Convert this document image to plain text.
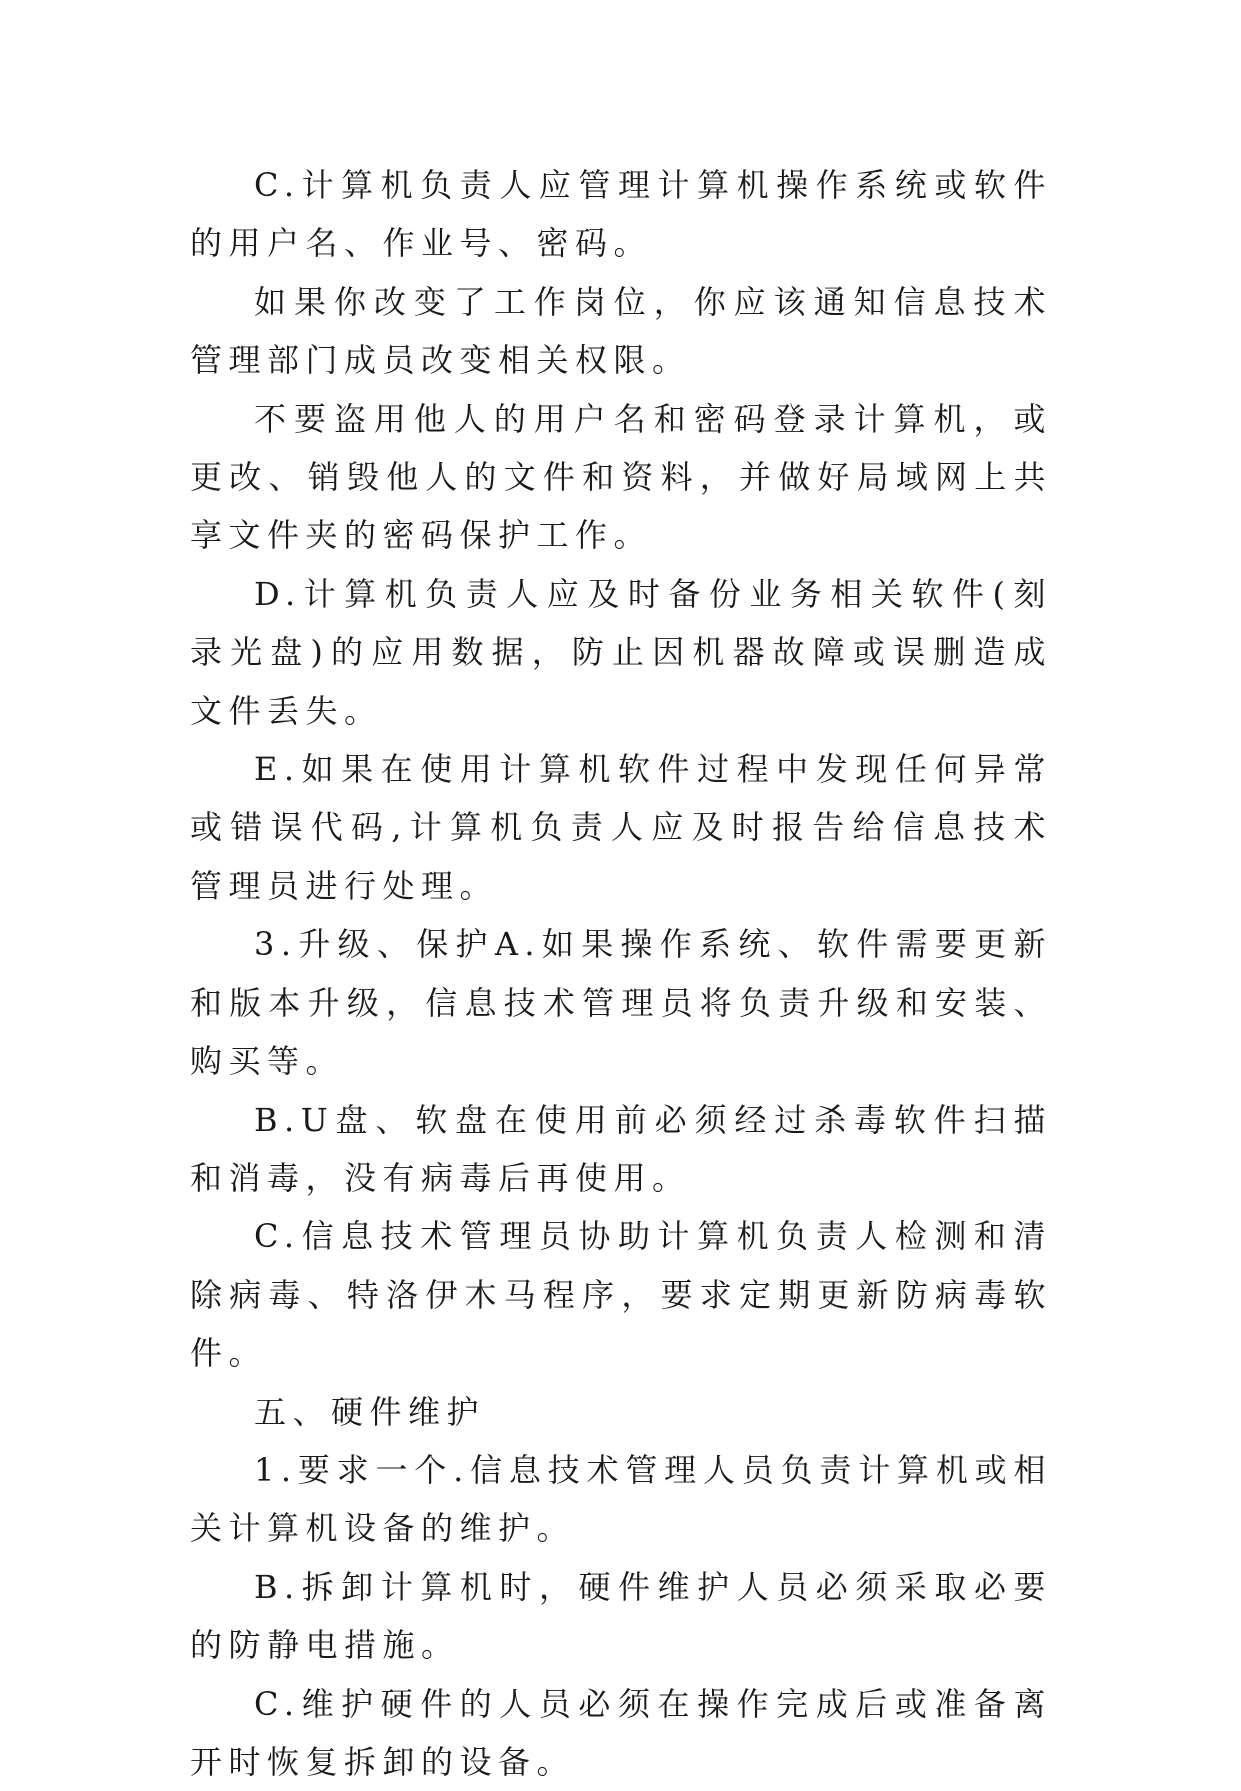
C.计算机负责人应管理计算机操作系统或软件的用户名、作业号、密码。

如果你改变了工作岗位，你应该通知信息技术管理部门成员改变相关权限。

不要盗用他人的用户名和密码登录计算机，或更改、销毁他人的文件和资料，并做好局域网上共享文件夹的密码保护工作。

D.计算机负责人应及时备份业务相关软件(刻录光盘)的应用数据，防止因机器故障或误删造成文件丢失。

E.如果在使用计算机软件过程中发现任何异常或错误代码,计算机负责人应及时报告给信息技术管理员进行处理。

3.升级、保护A.如果操作系统、软件需要更新和版本升级，信息技术管理员将负责升级和安装、购买等。

B.U盘、软盘在使用前必须经过杀毒软件扫描和消毒，没有病毒后再使用。

C.信息技术管理员协助计算机负责人检测和清除病毒、特洛伊木马程序，要求定期更新防病毒软件。

五、硬件维护

1.要求一个.信息技术管理人员负责计算机或相关计算机设备的维护。

B.拆卸计算机时，硬件维护人员必须采取必要的防静电措施。

C.维护硬件的人员必须在操作完成后或准备离开时恢复拆卸的设备。
